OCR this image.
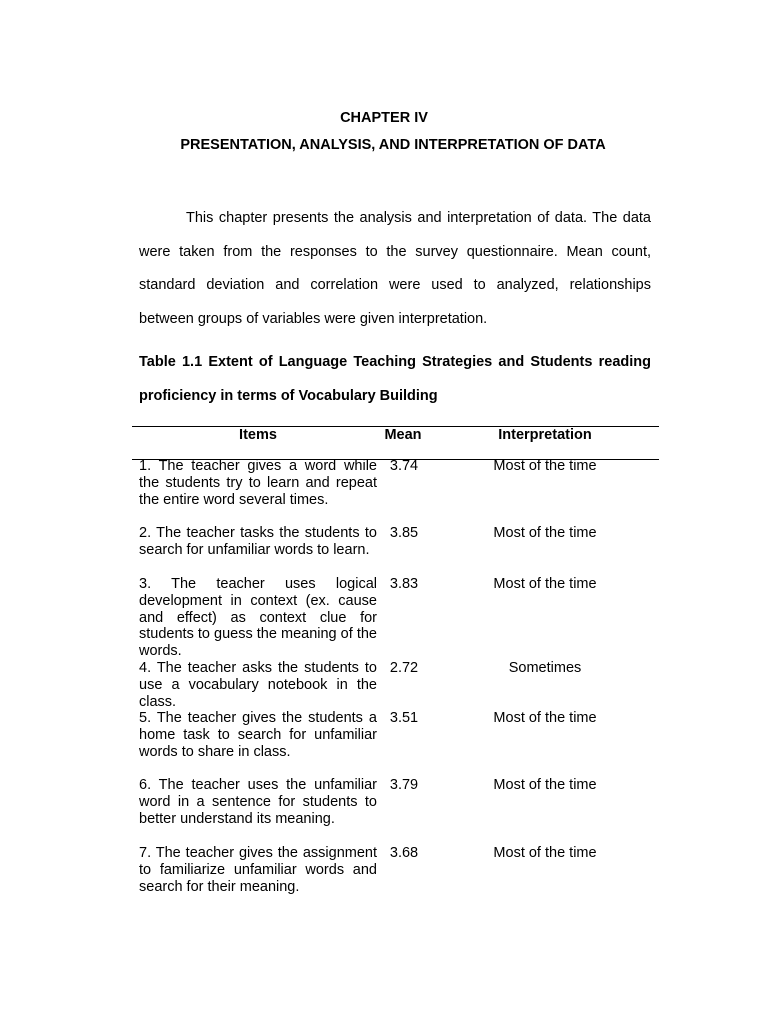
CHAPTER IV
PRESENTATION, ANALYSIS, AND INTERPRETATION OF DATA

This chapter presents the analysis and interpretation of data. The data were taken from the responses to the survey questionnaire. Mean count, standard deviation and correlation were used to analyzed, relationships between groups of variables were given interpretation.

Table 1.1 Extent of Language Teaching Strategies and Students reading proficiency in terms of Vocabulary Building

Items	Mean	Interpretation
1. The teacher gives a word while the students try to learn and repeat the entire word several times.
3.74	Most of the time
2. The teacher tasks the students to search for unfamiliar words to learn.
3.85	Most of the time
3. The teacher uses logical development in context (ex. cause and effect) as context clue for students to guess the meaning of the words.
3.83	Most of the time
4. The teacher asks the students to use a vocabulary notebook in the class.
2.72	Sometimes
5. The teacher gives the students a home task to search for unfamiliar words to share in class.
3.51	Most of the time
6. The teacher uses the unfamiliar word in a sentence for students to better understand its meaning.
3.79	Most of the time
7. The teacher gives the assignment to familiarize unfamiliar words and search for their meaning.
3.68	Most of the time
